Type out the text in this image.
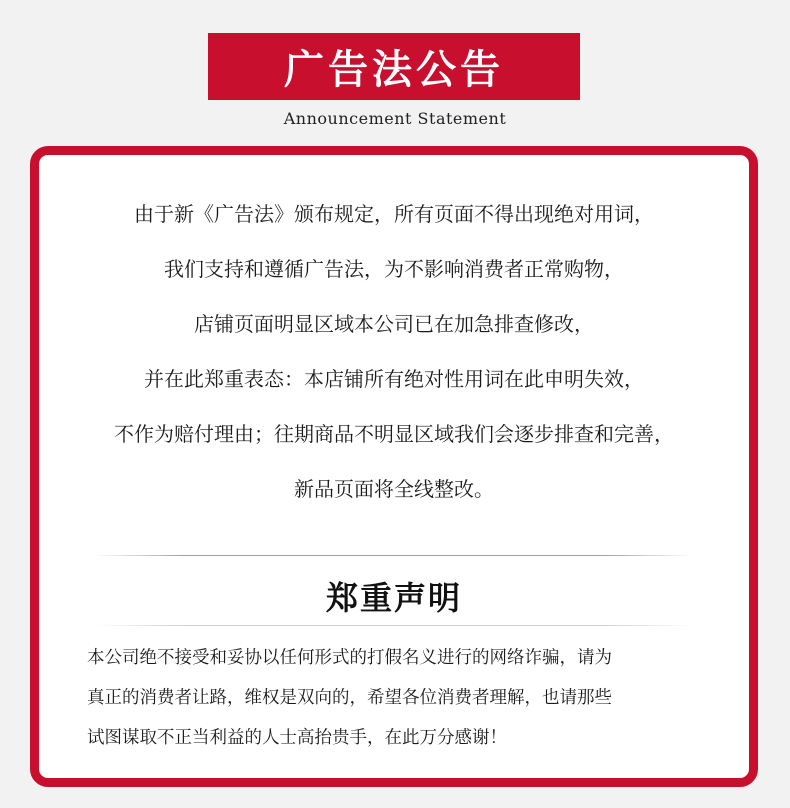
广告法公告
Announcement Statement
由于新《广告法》颁布规定，所有页面不得出现绝对用词，
我们支持和遵循广告法，为不影响消费者正常购物，
店铺页面明显区域本公司已在加急排查修改，
并在此郑重表态：本店铺所有绝对性用词在此申明失效，
不作为赔付理由；往期商品不明显区域我们会逐步排查和完善，
新品页面将全线整改。
郑重声明
本公司绝不接受和妥协以任何形式的打假名义进行的网络诈骗，请为
真正的消费者让路，维权是双向的，希望各位消费者理解，也请那些
试图谋取不正当利益的人士高抬贵手，在此万分感谢！
